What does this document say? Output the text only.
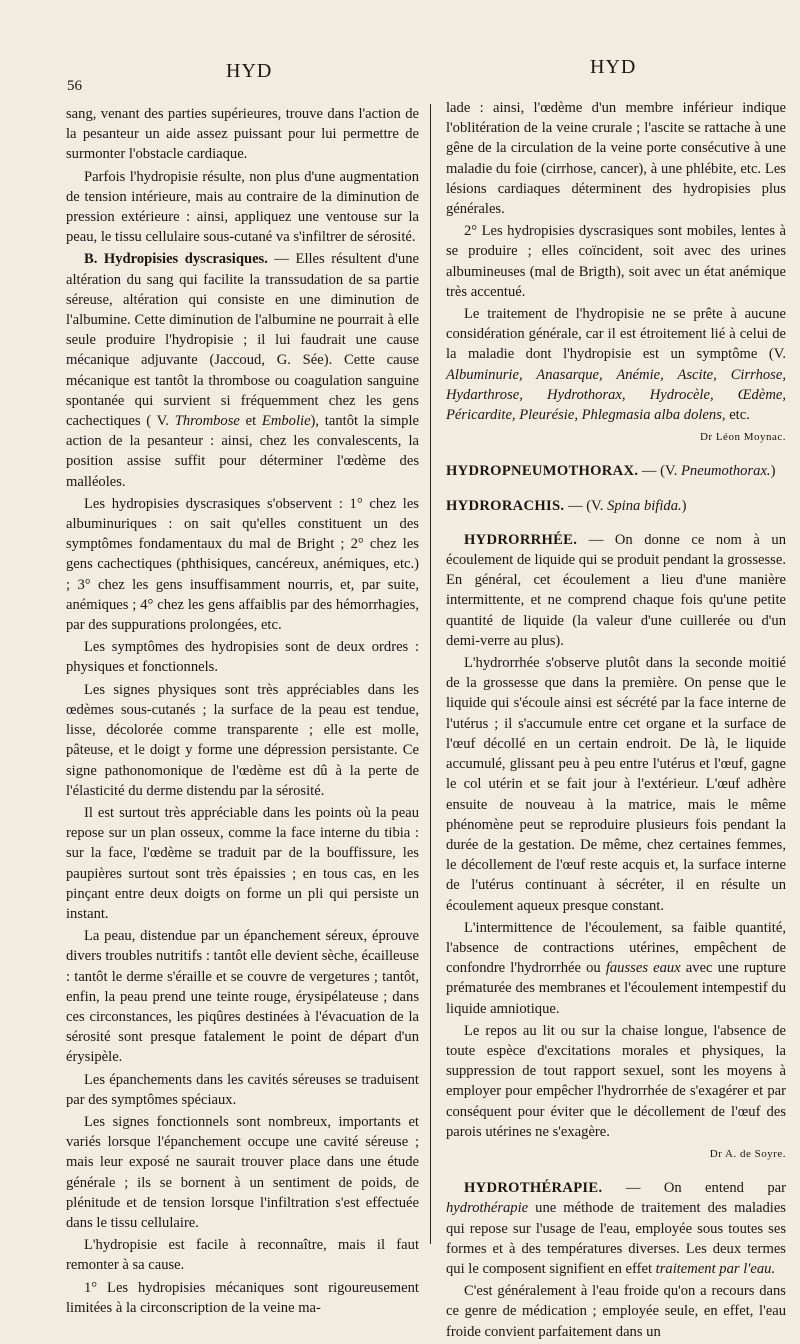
56
HYD	HYD

sang, venant des parties supérieures, trouve dans l'action de la pesanteur un aide assez puissant pour lui permettre de surmonter l'obstacle cardiaque.

Parfois l'hydropisie résulte, non plus d'une augmentation de tension intérieure, mais au contraire de la diminution de pression extérieure : ainsi, appliquez une ventouse sur la peau, le tissu cellulaire sous-cutané va s'infiltrer de sérosité.

B. Hydropisies dyscrasiques. — Elles résultent d'une altération du sang qui facilite la transsudation de sa partie séreuse, altération qui consiste en une diminution de l'albumine. Cette diminution de l'albumine ne pourrait à elle seule produire l'hydropisie ; il lui faudrait une cause mécanique adjuvante (Jaccoud, G. Sée). Cette cause mécanique est tantôt la thrombose ou coagulation sanguine spontanée qui survient si fréquemment chez les gens cachectiques ( V. Thrombose et Embolie), tantôt la simple action de la pesanteur : ainsi, chez les convalescents, la position assise suffit pour déterminer l'œdème des malléoles.

Les hydropisies dyscrasiques s'observent : 1° chez les albuminuriques : on sait qu'elles constituent un des symptômes fondamentaux du mal de Bright ; 2° chez les gens cachectiques (phthisiques, cancéreux, anémiques, etc.) ; 3° chez les gens insuffisamment nourris, et, par suite, anémiques ; 4° chez les gens affaiblis par des hémorrhagies, par des suppurations prolongées, etc.

Les symptômes des hydropisies sont de deux ordres : physiques et fonctionnels.

Les signes physiques sont très appréciables dans les œdèmes sous-cutanés ; la surface de la peau est tendue, lisse, décolorée comme transparente ; elle est molle, pâteuse, et le doigt y forme une dépression persistante. Ce signe pathonomonique de l'œdème est dû à la perte de l'élasticité du derme distendu par la sérosité.

Il est surtout très appréciable dans les points où la peau repose sur un plan osseux, comme la face interne du tibia : sur la face, l'œdème se traduit par de la bouffissure, les paupières surtout sont très épaissies ; en tous cas, en les pinçant entre deux doigts on forme un pli qui persiste un instant.

La peau, distendue par un épanchement séreux, éprouve divers troubles nutritifs : tantôt elle devient sèche, écailleuse : tantôt le derme s'éraille et se couvre de vergetures ; tantôt, enfin, la peau prend une teinte rouge, érysipélateuse ; dans ces circonstances, les piqûres destinées à l'évacuation de la sérosité sont presque fatalement le point de départ d'un érysipèle.

Les épanchements dans les cavités séreuses se traduisent par des symptômes spéciaux.

Les signes fonctionnels sont nombreux, importants et variés lorsque l'épanchement occupe une cavité séreuse ; mais leur exposé ne saurait trouver place dans une étude générale ; ils se bornent à un sentiment de poids, de plénitude et de tension lorsque l'infiltration s'est effectuée dans le tissu cellulaire.

L'hydropisie est facile à reconnaître, mais il faut remonter à sa cause.

1° Les hydropisies mécaniques sont rigoureusement limitées à la circonscription de la veine ma-

lade : ainsi, l'œdème d'un membre inférieur indique l'oblitération de la veine crurale ; l'ascite se rattache à une gêne de la circulation de la veine porte consécutive à une maladie du foie (cirrhose, cancer), à une phlébite, etc. Les lésions cardiaques déterminent des hydropisies plus générales.

2° Les hydropisies dyscrasiques sont mobiles, lentes à se produire ; elles coïncident, soit avec des urines albumineuses (mal de Brigth), soit avec un état anémique très accentué.

Le traitement de l'hydropisie ne se prête à aucune considération générale, car il est étroitement lié à celui de la maladie dont l'hydropisie est un symptôme (V. Albuminurie, Anasarque, Anémie, Ascite, Cirrhose, Hydarthrose, Hydrothorax, Hydrocèle, Œdème, Péricardite, Pleurésie, Phlegmasia alba dolens, etc.

Dr Léon Moynac.

HYDROPNEUMOTHORAX. — (V. Pneumothorax.)

HYDRORACHIS. — (V. Spina bifida.)

HYDRORRHÉE. — On donne ce nom à un écoulement de liquide qui se produit pendant la grossesse. En général, cet écoulement a lieu d'une manière intermittente, et ne comprend chaque fois qu'une petite quantité de liquide (la valeur d'une cuillerée ou d'un demi-verre au plus).

L'hydrorrhée s'observe plutôt dans la seconde moitié de la grossesse que dans la première. On pense que le liquide qui s'écoule ainsi est sécrété par la face interne de l'utérus ; il s'accumule entre cet organe et la surface de l'œuf décollé en un certain endroit. De là, le liquide accumulé, glissant peu à peu entre l'utérus et l'œuf, gagne le col utérin et se fait jour à l'extérieur. L'œuf adhère ensuite de nouveau à la matrice, mais le même phénomène peut se reproduire plusieurs fois pendant la durée de la gestation. De même, chez certaines femmes, le décollement de l'œuf reste acquis et, la surface interne de l'utérus continuant à sécréter, il en résulte un écoulement aqueux presque constant.

L'intermittence de l'écoulement, sa faible quantité, l'absence de contractions utérines, empêchent de confondre l'hydrorrhée ou fausses eaux avec une rupture prématurée des membranes et l'écoulement intempestif du liquide amniotique.

Le repos au lit ou sur la chaise longue, l'absence de toute espèce d'excitations morales et physiques, la suppression de tout rapport sexuel, sont les moyens à employer pour empêcher l'hydrorrhée de s'exagérer et par conséquent pour éviter que le décollement de l'œuf des parois utérines ne s'exagère.

Dr A. de Soyre.

HYDROTHÉRAPIE. — On entend par hydrothérapie une méthode de traitement des maladies qui repose sur l'usage de l'eau, employée sous toutes ses formes et à des températures diverses. Les deux termes qui le composent signifient en effet traitement par l'eau.

C'est généralement à l'eau froide qu'on a recours dans ce genre de médication ; employée seule, en effet, l'eau froide convient parfaitement dans un
